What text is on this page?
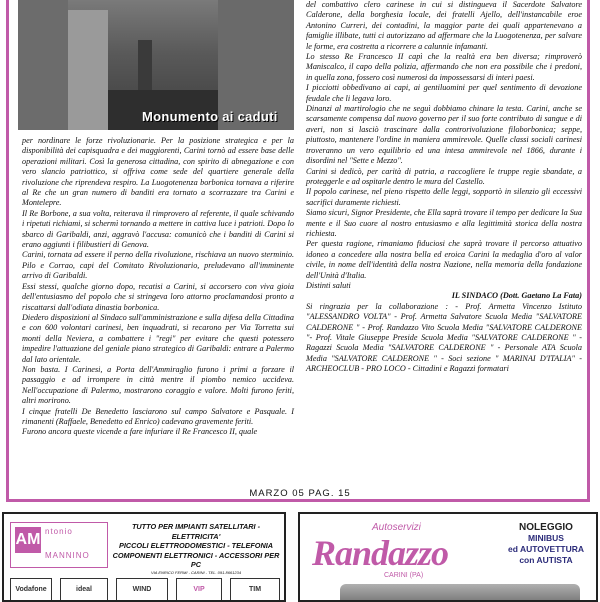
Monumento ai caduti

per nordinare le forze rivoluzionarie. Per la posizione strategica e per la disponibilità dei capisquadra e dei maggiorenti, Carini tornò ad essere base delle operazioni militari. Così la generosa cittadina, con spirito di abnegazione e con vero slancio patriottico, si offriva come sede del quartiere generale della rivoluzione che riprendeva respiro. La Luogotenenza borbonica tornava a riferire al Re che un gran numero di banditi era tornato a scorrazzare tra Carini e Montelepre.

Il Re Borbone, a sua volta, reiterava il rimprovero al referente, il quale schivando i ripetuti richiami, si schermì tornando a mettere in cattiva luce i patrioti. Dopo lo sbarco di Garibaldi, anzi, aggravò l'accusa: comunicò che i banditi di Carini si erano aggiunti i filibustieri di Genova.

Carini, tornata ad essere il perno della rivoluzione, rischiava un nuovo sterminio. Pilo e Corrao, capi del Comitato Rivoluzionario, preludevano all'imminente arrivo di Garibaldi.

Essi stessi, qualche giorno dopo, recatisi a Carini, si accorsero con viva gioia dell'entusiasmo del popolo che si stringeva loro attorno proclamandosi pronto a riscattarsi dall'odiata dinastia borbonica.

Diedero disposizioni al Sindaco sull'amministrazione e sulla difesa della Cittadina e con 600 volontari carinesi, ben inquadrati, si recarono per Via Torretta sui monti della Neviera, a combattere i "regi" per evitare che questi potessero impedire l'attuazione del geniale piano strategico di Garibaldi: entrare a Palermo dal lato orientale.

Non basta. I Carinesi, a Porta dell'Ammiraglio furono i primi a forzare il passaggio e ad irrompere in città mentre il piombo nemico uccideva. Nell'occupazione di Palermo, mostrarono coraggio e valore. Molti furono feriti, altri morirono.

I cinque fratelli De Benedetto lasciarono sul campo Salvatore e Pasquale. I rimanenti (Raffaele, Benedetto ed Enrico) cadevano gravemente feriti.

Furono ancora queste vicende a fare infuriare il Re Francesco II, quale

del combattivo clero carinese in cui si distingueva il Sacerdote Salvatore Calderone, della borghesia locale, dei fratelli Ajello, dell'instancabile eroe Antonino Curreri, dei contadini, la maggior parte dei quali appartenevano a famiglie illibate, tutti ci autorizzano ad affermare che la Luogotenenza, per salvare le forme, era costretta a ricorrere a calunnie infamanti.

Lo stesso Re Francesco II capì che la realtà era ben diversa; rimproverò Maniscalco, il capo della polizia, affermando che non era possibile che i predoni, in quella zona, fossero così numerosi da impossessarsi di interi paesi.

I picciotti obbedivano ai capi, ai gentiluomini per quel sentimento di devozione feudale che li legava loro.

Dinanzi al martirologio che ne seguì dobbiamo chinare la testa. Carini, anche se scarsamente compensa dal nuovo governo per il suo forte contributo di sangue e di averi, non si lasciò trascinare dalla controrivoluzione filoborbonica; seppe, piuttosto, mantenere l'ordine in maniera ammirevole. Quelle classi sociali carinesi troveranno un vero equilibrio ed una intesa ammirevole nel 1866, durante i disordini nel "Sette e Mezzo".

Carini si dedicò, per carità di patria, a raccogliere le truppe regie sbandate, a proteggerle e ad ospitarle dentro le mura del Castello.

Il popolo carinese, nel pieno rispetto delle leggi, sopportò in silenzio gli eccessivi sacrifici duramente richiesti.

Siamo sicuri, Signor Presidente, che Ella saprà trovare il tempo per dedicare la Sua mente e il Suo cuore al nostro entusiasmo e alla legittimità storica della nostra richiesta.

Per questa ragione, rimaniamo fiduciosi che saprà trovare il percorso attuativo idoneo a concedere alla nostra bella ed eroica Carini la medaglia d'oro al valor civile, in nome dell'identità della nostra Nazione, nella memoria della fondazione dell'Unità d'Italia.

Distinti saluti

IL SINDACO (Dott. Gaetano La Fata)

Si ringrazia per la collaborazione : - Prof. Armetta Vincenzo Istituto "ALESSANDRO VOLTA" - Prof. Armetta Salvatore Scuola Media "SALVATORE CALDERONE " - Prof. Randazzo Vito Scuola Media "SALVATORE CALDERONE "- Prof. Vitale Giuseppe Preside Scuola Media "SALVATORE CALDERONE " - Ragazzi Scuola Media "SALVATORE CALDERONE " - Personale ATA Scuola Media "SALVATORE CALDERONE " - Soci sezione " MARINAI D'ITALIA" - ARCHEOCLUB - PRO LOCO - Cittadini e Ragazzi formatari

MARZO 05 PAG. 15
AM ntonio
MANNINO
TUTTO PER IMPIANTI SATELLITARI - ELETTRICITA'
PICCOLI ELETTRODOMESTICI - TELEFONIA
COMPONENTI ELETTRONICI - ACCESSORI PER PC
VIA ENRICO FERMI - CARINI - TEL. 091.8661234
Vodafone	ideal	WIND	VIP	TIM
Autoservizi
Randazzo
CARINI (PA)
NOLEGGIO
MINIBUS
ed AUTOVETTURA
con AUTISTA
